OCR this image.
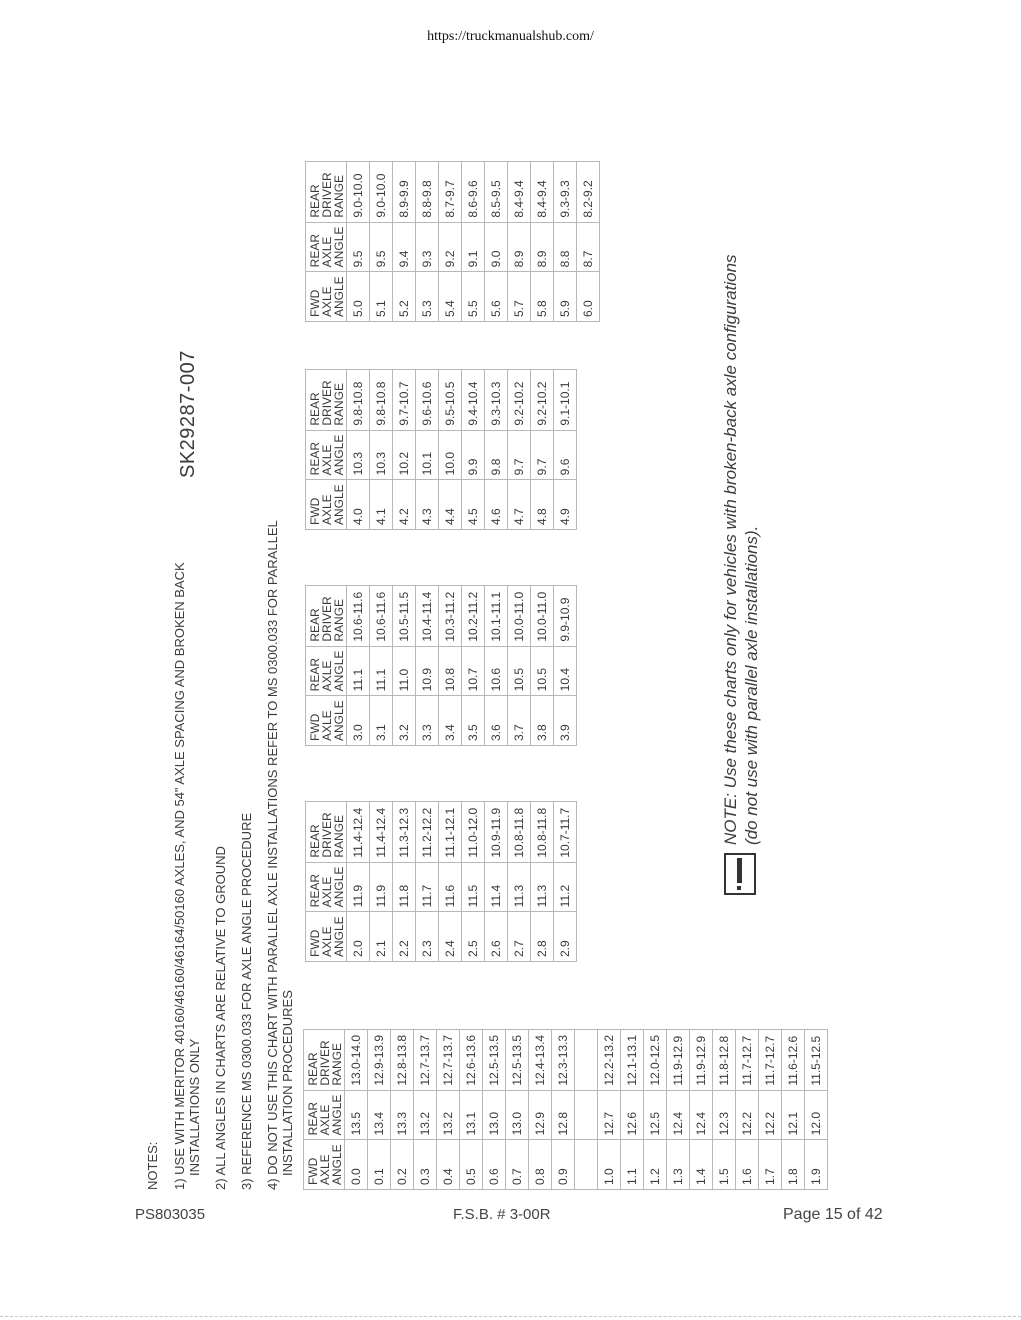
https://truckmanualshub.com/
NOTES: 1) USE WITH MERITOR 40160/46160/46164/50160 AXLES, AND 54" AXLE SPACING AND BROKEN BACK INSTALLATIONS ONLY 2) ALL ANGLES IN CHARTS ARE RELATIVE TO GROUND 3) REFERENCE MS 0300.033 FOR AXLE ANGLE PROCEDURE 4) DO NOT USE THIS CHART WITH PARALLEL AXLE INSTALLATIONS REFER TO MS 0300.033 FOR PARALLEL INSTALLATION PROCEDURES
SK29287-007
FWD AXLE ANGLE	REAR AXLE ANGLE	REAR DRIVER RANGE
0.0	13.5	13.0-14.0
0.1	13.4	12.9-13.9
0.2	13.3	12.8-13.8
0.3	13.2	12.7-13.7
0.4	13.2	12.7-13.7
0.5	13.1	12.6-13.6
0.6	13.0	12.5-13.5
0.7	13.0	12.5-13.5
0.8	12.9	12.4-13.4
0.9	12.8	12.3-13.3

1.0	12.7	12.2-13.2
1.1	12.6	12.1-13.1
1.2	12.5	12.0-12.5
1.3	12.4	11.9-12.9
1.4	12.4	11.9-12.9
1.5	12.3	11.8-12.8
1.6	12.2	11.7-12.7
1.7	12.2	11.7-12.7
1.8	12.1	11.6-12.6
1.9	12.0	11.5-12.5
FWD AXLE ANGLE	REAR AXLE ANGLE	REAR DRIVER RANGE
2.0	11.9	11.4-12.4
2.1	11.9	11.4-12.4
2.2	11.8	11.3-12.3
2.3	11.7	11.2-12.2
2.4	11.6	11.1-12.1
2.5	11.5	11.0-12.0
2.6	11.4	10.9-11.9
2.7	11.3	10.8-11.8
2.8	11.3	10.8-11.8
2.9	11.2	10.7-11.7
FWD AXLE ANGLE	REAR AXLE ANGLE	REAR DRIVER RANGE
3.0	11.1	10.6-11.6
3.1	11.1	10.6-11.6
3.2	11.0	10.5-11.5
3.3	10.9	10.4-11.4
3.4	10.8	10.3-11.2
3.5	10.7	10.2-11.2
3.6	10.6	10.1-11.1
3.7	10.5	10.0-11.0
3.8	10.5	10.0-11.0
3.9	10.4	9.9-10.9
FWD AXLE ANGLE	REAR AXLE ANGLE	REAR DRIVER RANGE
4.0	10.3	9.8-10.8
4.1	10.3	9.8-10.8
4.2	10.2	9.7-10.7
4.3	10.1	9.6-10.6
4.4	10.0	9.5-10.5
4.5	9.9	9.4-10.4
4.6	9.8	9.3-10.3
4.7	9.7	9.2-10.2
4.8	9.7	9.2-10.2
4.9	9.6	9.1-10.1
FWD AXLE ANGLE	REAR AXLE ANGLE	REAR DRIVER RANGE
5.0	9.5	9.0-10.0
5.1	9.5	9.0-10.0
5.2	9.4	8.9-9.9
5.3	9.3	8.8-9.8
5.4	9.2	8.7-9.7
5.5	9.1	8.6-9.6
5.6	9.0	8.5-9.5
5.7	8.9	8.4-9.4
5.8	8.9	8.4-9.4
5.9	8.8	9.3-9.3
6.0	8.7	8.2-9.2
NOTE: Use these charts only for vehicles with broken-back axle configurations (do not use with parallel axle installations).
PS803035	F.S.B. # 3-00R	Page 15 of 42
